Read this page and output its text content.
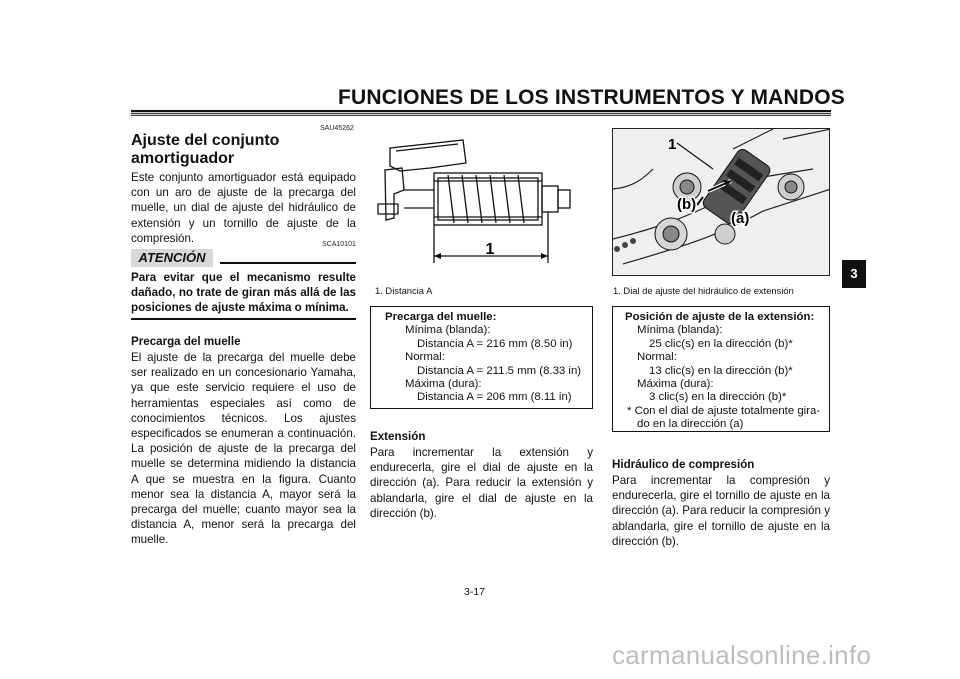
FUNCIONES DE LOS INSTRUMENTOS Y MANDOS
SAU45262
Ajuste del conjunto amortiguador
Este conjunto amortiguador está equipado con un aro de ajuste de la precarga del muelle, un dial de ajuste del hidráulico de extensión y un tornillo de ajuste de la compresión.	SCA10101
ATENCIÓN
Para evitar que el mecanismo resulte dañado, no trate de giran más allá de las posiciones de ajuste máxima o mínima.
Precarga del muelle
El ajuste de la precarga del muelle debe ser realizado en un concesionario Yamaha, ya que este servicio requiere el uso de herramientas especiales así como de conocimientos técnicos. Los ajustes especificados se enumeran a continuación. La posición de ajuste de la precarga del muelle se determina midiendo la distancia A que se muestra en la figura. Cuanto menor sea la distancia A, mayor será la precarga del muelle; cuanto mayor sea la distancia A, menor será la precarga del muelle.
1
1. Distancia A
Precarga del muelle:
Mínima (blanda):
Distancia A = 216 mm (8.50 in)
Normal:
Distancia A = 211.5 mm (8.33 in)
Máxima (dura):
Distancia A = 206 mm (8.11 in)
Extensión
Para incrementar la extensión y endurecerla, gire el dial de ajuste en la dirección (a). Para reducir la extensión y ablandarla, gire el dial de ajuste en la dirección (b).
1
(a)
(b)
1. Dial de ajuste del hidráulico de extensión
Posición de ajuste de la extensión:
Mínima (blanda):
25 clic(s) en la dirección (b)*
Normal:
13 clic(s) en la dirección (b)*
Máxima (dura):
3 clic(s) en la dirección (b)*
* Con el dial de ajuste totalmente gira-
do en la dirección (a)
Hidráulico de compresión
Para incrementar la compresión y endurecerla, gire el tornillo de ajuste en la dirección (a). Para reducir la compresión y ablandarla, gire el tornillo de ajuste en la dirección (b).
3
3-17
carmanualsonline.info
